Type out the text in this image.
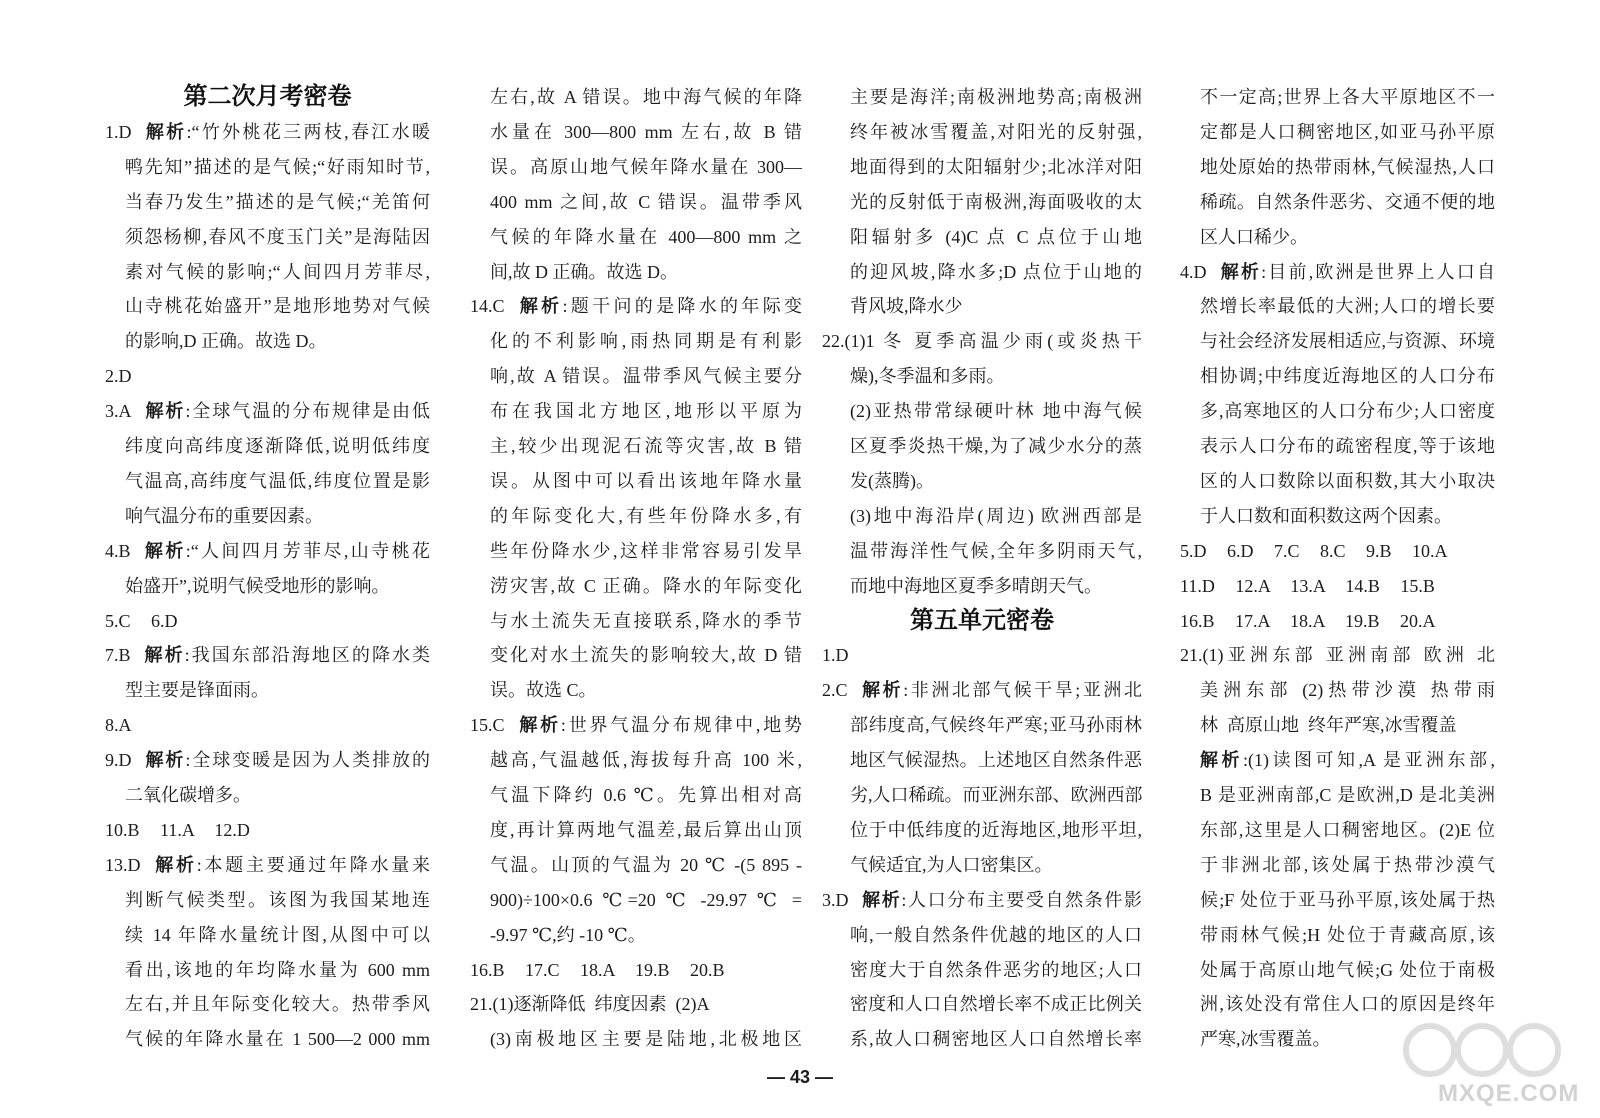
— 43 —
MXQE.COM
第二次月考密卷
1.D 解析:“竹外桃花三两枝,春江水暖
鸭先知”描述的是气候;“好雨知时节,
当春乃发生”描述的是气候;“羌笛何
须怨杨柳,春风不度玉门关”是海陆因
素对气候的影响;“人间四月芳菲尽,
山寺桃花始盛开”是地形地势对气候
的影响,D 正确。故选 D。
2.D
3.A 解析:全球气温的分布规律是由低
纬度向高纬度逐渐降低,说明低纬度
气温高,高纬度气温低,纬度位置是影
响气温分布的重要因素。
4.B 解析:“人间四月芳菲尽,山寺桃花
始盛开”,说明气候受地形的影响。
5.C 6.D
7.B 解析:我国东部沿海地区的降水类
型主要是锋面雨。
8.A
9.D 解析:全球变暖是因为人类排放的
二氧化碳增多。
10.B 11.A 12.D
13.D 解析:本题主要通过年降水量来
判断气候类型。该图为我国某地连
续 14 年降水量统计图,从图中可以
看出,该地的年均降水量为 600 mm
左右,并且年际变化较大。热带季风
气候的年降水量在 1 500—2 000 mm
左右,故 A 错误。地中海气候的年降
水量在 300—800 mm 左右,故 B 错
误。高原山地气候年降水量在 300—
400 mm 之间,故 C 错误。温带季风
气候的年降水量在 400—800 mm 之
间,故 D 正确。故选 D。
14.C 解析:题干问的是降水的年际变
化的不利影响,雨热同期是有利影
响,故 A 错误。温带季风气候主要分
布在我国北方地区,地形以平原为
主,较少出现泥石流等灾害,故 B 错
误。从图中可以看出该地年降水量
的年际变化大,有些年份降水多,有
些年份降水少,这样非常容易引发旱
涝灾害,故 C 正确。降水的年际变化
与水土流失无直接联系,降水的季节
变化对水土流失的影响较大,故 D 错
误。故选 C。
15.C 解析:世界气温分布规律中,地势
越高,气温越低,海拔每升高 100 米,
气温下降约 0.6 ℃。先算出相对高
度,再计算两地气温差,最后算出山顶
气温。山顶的气温为 20 ℃ -(5 895 -
900)÷100×0.6 ℃=20 ℃ -29.97 ℃ =
-9.97 ℃,约 -10 ℃。
16.B 17.C 18.A 19.B 20.B
21.(1)逐渐降低  纬度因素  (2)A
(3)南极地区主要是陆地,北极地区
主要是海洋;南极洲地势高;南极洲
终年被冰雪覆盖,对阳光的反射强,
地面得到的太阳辐射少;北冰洋对阳
光的反射低于南极洲,海面吸收的太
阳辐射多 (4)C 点 C 点位于山地
的迎风坡,降水多;D 点位于山地的
背风坡,降水少
22.(1)1 冬 夏季高温少雨(或炎热干
燥),冬季温和多雨。
(2)亚热带常绿硬叶林 地中海气候
区夏季炎热干燥,为了减少水分的蒸
发(蒸腾)。
(3)地中海沿岸(周边) 欧洲西部是
温带海洋性气候,全年多阴雨天气,
而地中海地区夏季多晴朗天气。
第五单元密卷
1.D
2.C 解析:非洲北部气候干旱;亚洲北
部纬度高,气候终年严寒;亚马孙雨林
地区气候湿热。上述地区自然条件恶
劣,人口稀疏。而亚洲东部、欧洲西部
位于中低纬度的近海地区,地形平坦,
气候适宜,为人口密集区。
3.D 解析:人口分布主要受自然条件影
响,一般自然条件优越的地区的人口
密度大于自然条件恶劣的地区;人口
密度和人口自然增长率不成正比例关
系,故人口稠密地区人口自然增长率
不一定高;世界上各大平原地区不一
定都是人口稠密地区,如亚马孙平原
地处原始的热带雨林,气候湿热,人口
稀疏。自然条件恶劣、交通不便的地
区人口稀少。
4.D 解析:目前,欧洲是世界上人口自
然增长率最低的大洲;人口的增长要
与社会经济发展相适应,与资源、环境
相协调;中纬度近海地区的人口分布
多,高寒地区的人口分布少;人口密度
表示人口分布的疏密程度,等于该地
区的人口数除以面积数,其大小取决
于人口数和面积数这两个因素。
5.D 6.D 7.C 8.C 9.B 10.A
11.D 12.A 13.A 14.B 15.B
16.B 17.A 18.A 19.B 20.A
21.(1)亚洲东部 亚洲南部 欧洲 北
美洲东部 (2)热带沙漠 热带雨
林  高原山地  终年严寒,冰雪覆盖
解析:(1)读图可知,A 是亚洲东部,
B 是亚洲南部,C 是欧洲,D 是北美洲
东部,这里是人口稠密地区。(2)E 位
于非洲北部,该处属于热带沙漠气
候;F 处位于亚马孙平原,该处属于热
带雨林气候;H 处位于青藏高原,该
处属于高原山地气候;G 处位于南极
洲,该处没有常住人口的原因是终年
严寒,冰雪覆盖。
